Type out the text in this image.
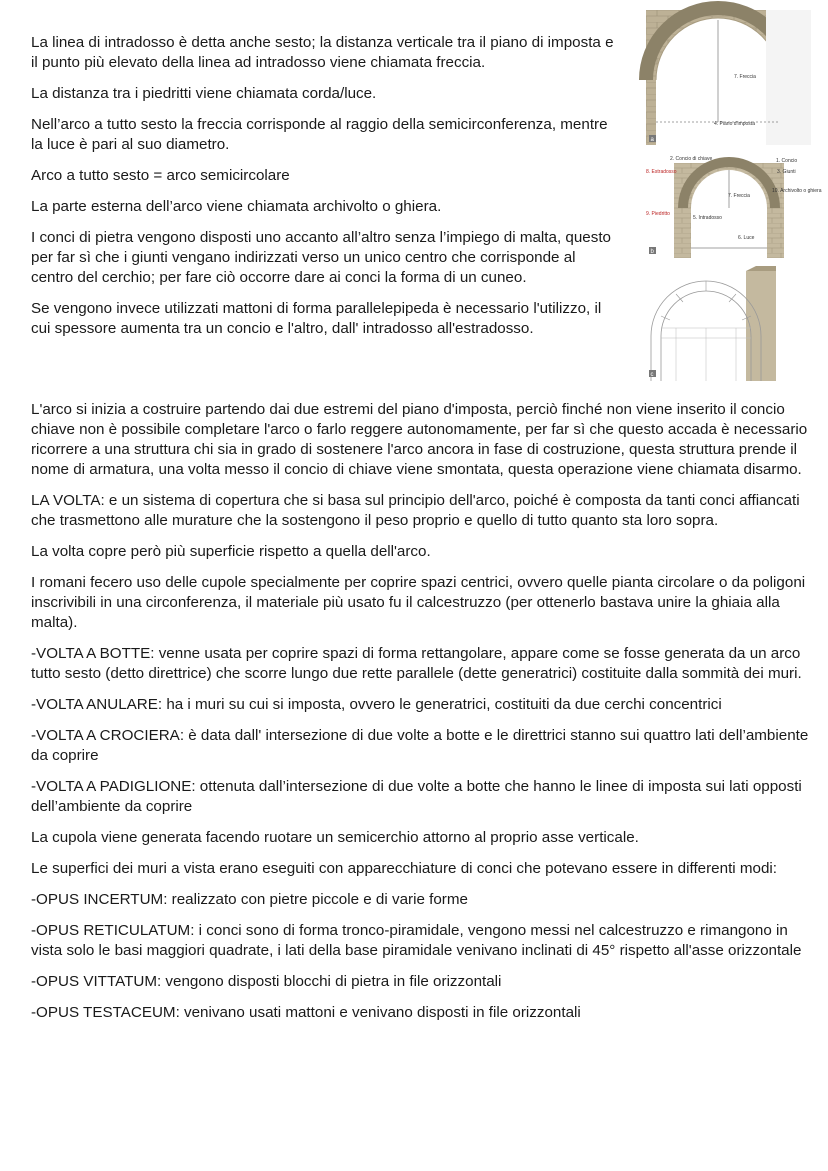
La linea di intradosso è detta anche sesto; la distanza verticale tra il piano di imposta e il punto più elevato della linea ad intradosso viene chiamata freccia.

La distanza tra i piedritti viene chiamata corda/luce.

Nell’arco a tutto sesto la freccia corrisponde al raggio della semicirconferenza, mentre la luce è pari al suo diametro.

Arco a tutto sesto = arco semicircolare

La parte esterna dell’arco viene chiamata archivolto o ghiera.

I conci di pietra vengono disposti uno accanto all’altro senza l’impiego di malta, questo per far sì che i giunti vengano indirizzati verso un unico centro che corrisponde al centro del cerchio; per fare ciò occorre dare ai conci la forma di un cuneo.

Se vengono invece utilizzati mattoni di forma parallelepipeda è necessario l'utilizzo, il cui spessore aumenta tra un concio e l'altro, dall' intradosso all'estradosso.

7. Freccia
4. Piano d'imposta
a
2. Concio di chiave	1. Concio
3. Giunti
8. Estradosso
10. Archivolto o ghiera
7. Freccia
9. Piedritto
5. Intradosso
6. Luce
b
c

L'arco si inizia a costruire partendo dai due estremi del piano d'imposta, perciò finché non viene inserito il concio chiave non è possibile completare l'arco o farlo reggere autonomamente, per far sì che questo accada è necessario ricorrere a una struttura chi sia in grado di sostenere l'arco ancora in fase di costruzione, questa struttura prende il nome di armatura, una volta messo il concio di chiave viene smontata, questa operazione viene chiamata disarmo.

LA VOLTA: e un sistema di copertura che si basa sul principio dell'arco, poiché è composta da tanti conci affiancati che trasmettono alle murature che la sostengono il peso proprio e quello di tutto quanto sta loro sopra.

La volta copre però più superficie rispetto a quella dell'arco.

I romani fecero uso delle cupole specialmente per coprire spazi centrici, ovvero quelle pianta circolare o da poligoni inscrivibili in una circonferenza, il materiale più usato fu il calcestruzzo (per ottenerlo bastava unire la ghiaia alla malta).

-VOLTA A BOTTE: venne usata per coprire spazi di forma rettangolare, appare come se fosse generata da un arco tutto sesto (detto direttrice) che scorre lungo due rette parallele (dette generatrici) costituite dalla sommità dei muri.

-VOLTA ANULARE: ha i muri su cui si imposta, ovvero le generatrici, costituiti da due cerchi concentrici

-VOLTA A CROCIERA: è data dall' intersezione di due volte a botte e le direttrici stanno sui quattro lati dell’ambiente da coprire

-VOLTA A PADIGLIONE: ottenuta dall’intersezione di due volte a botte che hanno le linee di imposta sui lati opposti dell’ambiente da coprire

La cupola viene generata facendo ruotare un semicerchio attorno al proprio asse verticale.

Le superfici dei muri a vista erano eseguiti con apparecchiature di conci che potevano essere in differenti modi:

-OPUS INCERTUM: realizzato con pietre piccole e di varie forme

-OPUS RETICULATUM: i conci sono di forma tronco-piramidale, vengono messi nel calcestruzzo e rimangono in vista solo le basi maggiori quadrate, i lati della base piramidale venivano inclinati di 45° rispetto all'asse orizzontale

-OPUS VITTATUM: vengono disposti blocchi di pietra in file orizzontali

-OPUS TESTACEUM: venivano usati mattoni e venivano disposti in file orizzontali
